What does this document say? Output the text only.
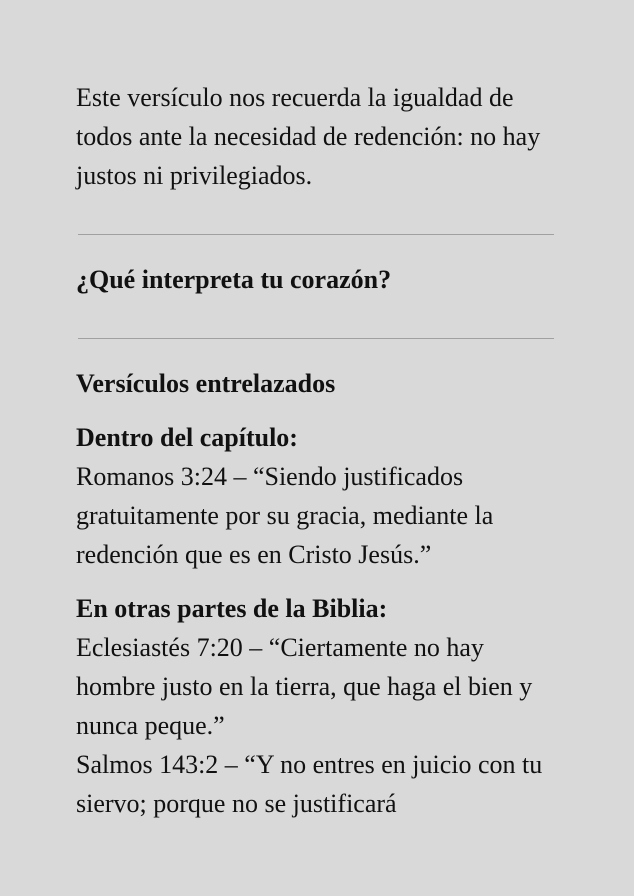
Este versículo nos recuerda la igualdad de todos ante la necesidad de redención: no hay justos ni privilegiados.

¿Qué interpreta tu corazón?

Versículos entrelazados

Dentro del capítulo:
Romanos 3:24 – “Siendo justificados gratuitamente por su gracia, mediante la redención que es en Cristo Jesús.”
En otras partes de la Biblia:
Eclesiastés 7:20 – “Ciertamente no hay hombre justo en la tierra, que haga el bien y nunca peque.”
Salmos 143:2 – “Y no entres en juicio con tu siervo; porque no se justificará
